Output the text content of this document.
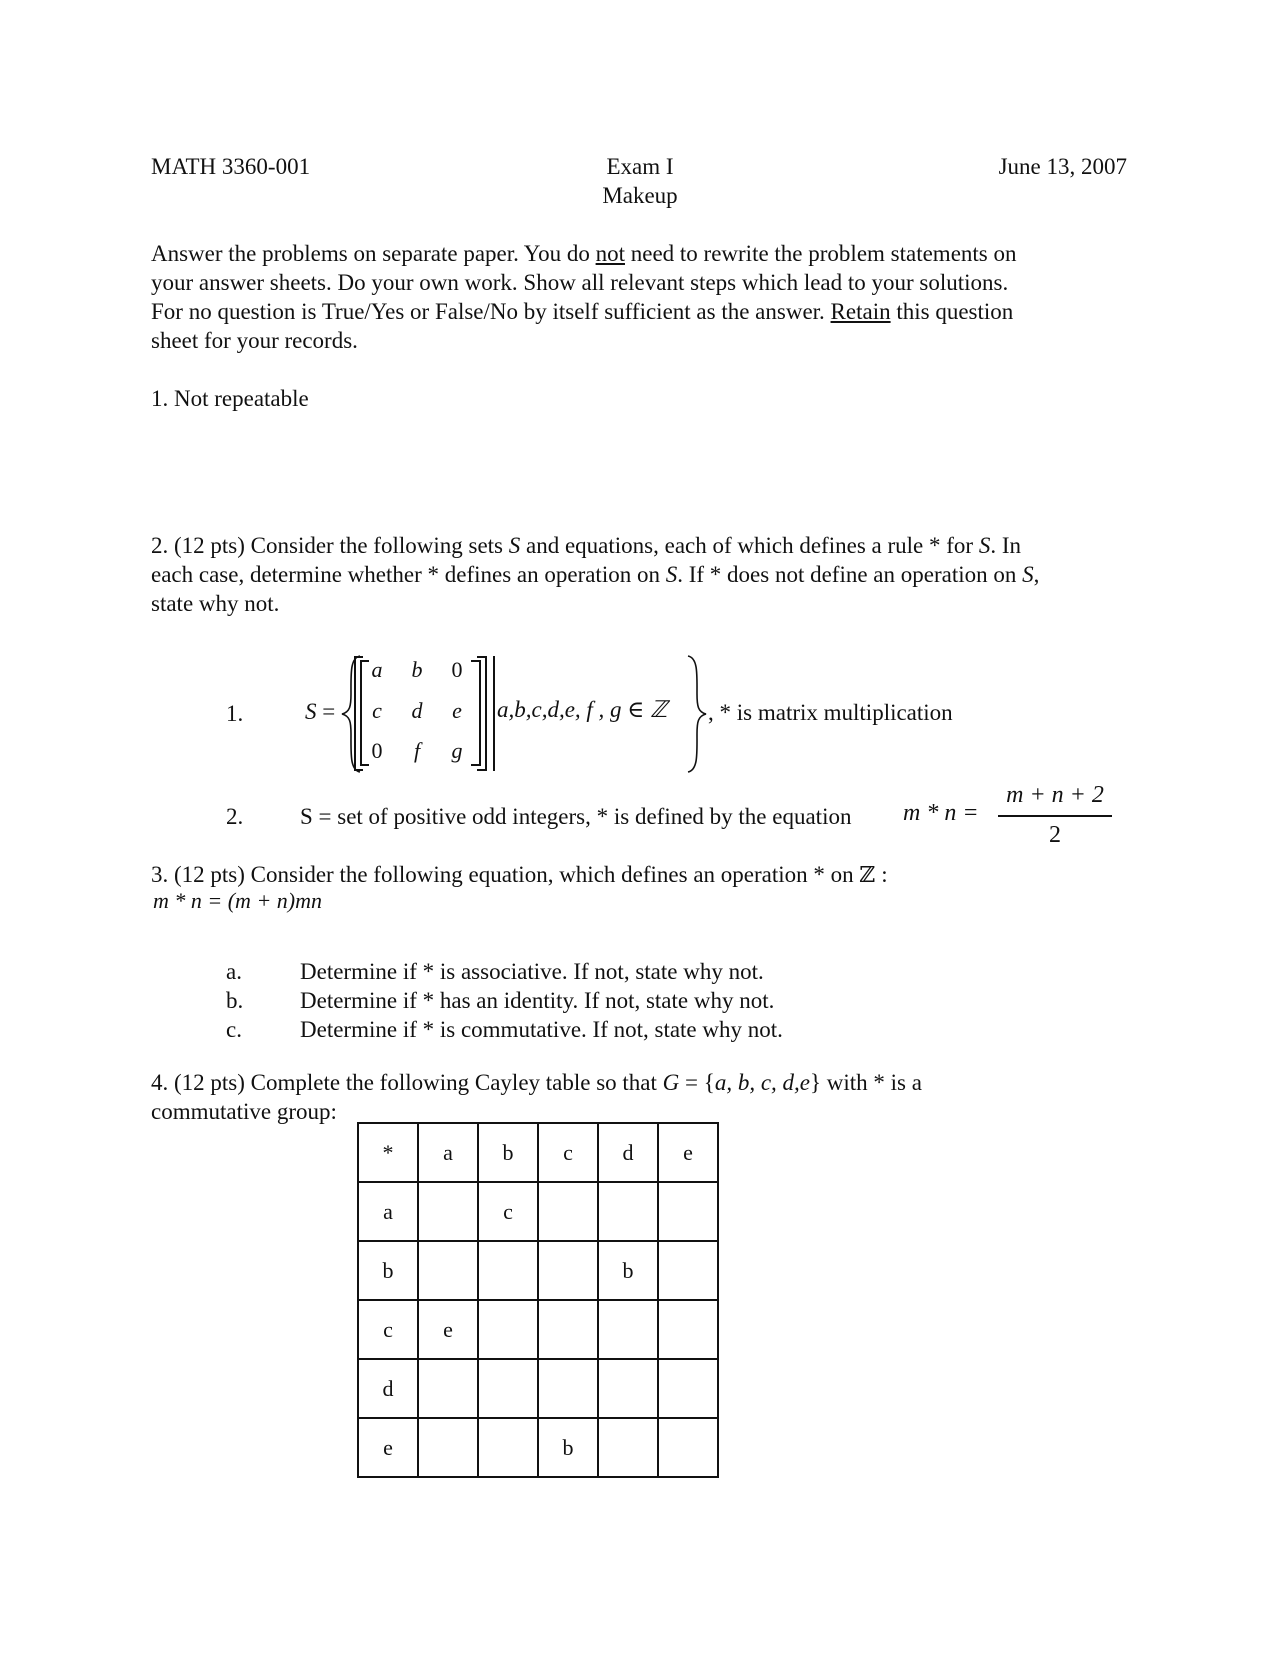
MATH 3360-001	Exam I
Makeup
June 13, 2007
Answer the problems on separate paper. You do not need to rewrite the problem statements on
your answer sheets. Do your own work. Show all relevant steps which lead to your solutions.
For no question is True/Yes or False/No by itself sufficient as the answer. Retain this question
sheet for your records.
1. Not repeatable
2. (12 pts) Consider the following sets S and equations, each of which defines a rule * for S. In
each case, determine whether * defines an operation on S. If * does not define an operation on S,
state why not.
1.	S =
a	b	0
c	d	e
0	f	g
a,b,c,d,e, f , g ∈ ℤ , * is matrix multiplication
2. S = set of positive odd integers, * is defined by the equation m * n =
m + n + 2
2
3. (12 pts) Consider the following equation, which defines an operation * on ℤ :
m * n = (m + n)mn
a.	Determine if * is associative. If not, state why not.
b. Determine if * has an identity. If not, state why not.
c.	Determine if * is commutative. If not, state why not.
4. (12 pts) Complete the following Cayley table so that G = {a, b, c, d,e} with * is a
commutative group:
*	a	b	c	d	e
a		c			
b				b	
c	e				
d					
e			b		
